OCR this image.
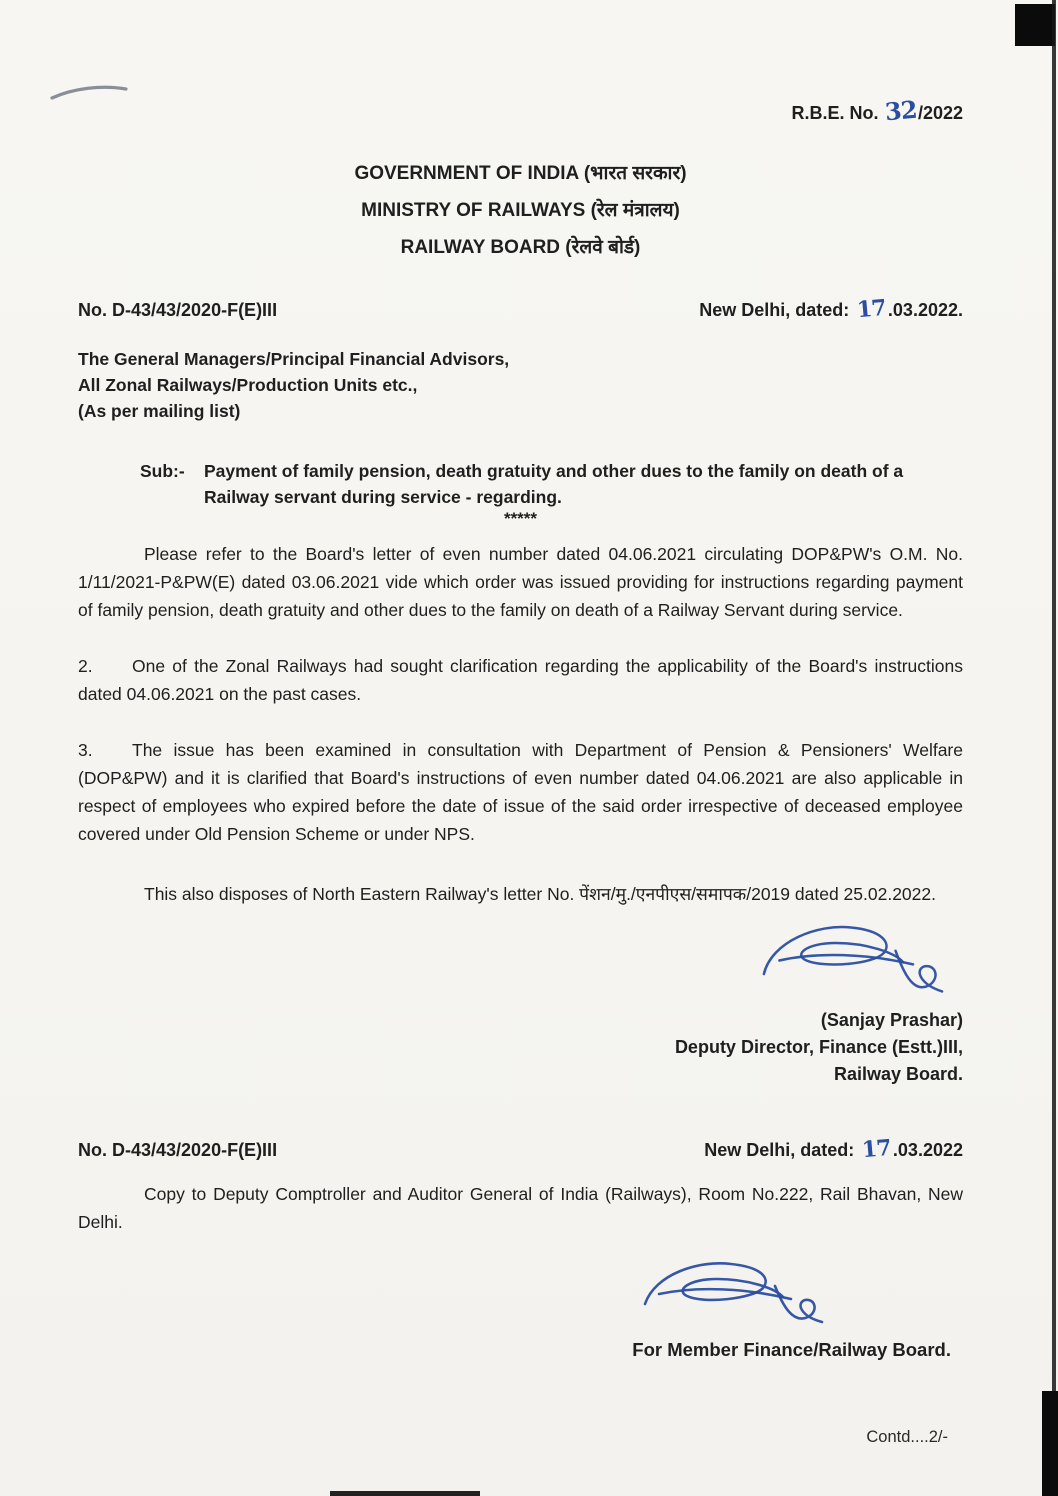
R.B.E. No. 32/2022
GOVERNMENT OF INDIA (भारत सरकार)
MINISTRY OF RAILWAYS (रेल मंत्रालय)
RAILWAY BOARD (रेलवे बोर्ड)
No. D-43/43/2020-F(E)III	New Delhi, dated: 17.03.2022.
The General Managers/Principal Financial Advisors,
All Zonal Railways/Production Units etc.,
(As per mailing list)
Sub:-	Payment of family pension, death gratuity and other dues to the family on death of a Railway servant during service - regarding.
*****

Please refer to the Board's letter of even number dated 04.06.2021 circulating DOP&PW's O.M. No. 1/11/2021-P&PW(E) dated 03.06.2021 vide which order was issued providing for instructions regarding payment of family pension, death gratuity and other dues to the family on death of a Railway Servant during service.

2. One of the Zonal Railways had sought clarification regarding the applicability of the Board's instructions dated 04.06.2021 on the past cases.

3. The issue has been examined in consultation with Department of Pension & Pensioners' Welfare (DOP&PW) and it is clarified that Board's instructions of even number dated 04.06.2021 are also applicable in respect of employees who expired before the date of issue of the said order irrespective of deceased employee covered under Old Pension Scheme or under NPS.

This also disposes of North Eastern Railway's letter No. पेंशन/मु./एनपीएस/समापक/2019 dated 25.02.2022.

(Sanjay Prashar)
Deputy Director, Finance (Estt.)III,
Railway Board.
No. D-43/43/2020-F(E)III	New Delhi, dated: 17.03.2022

Copy to Deputy Comptroller and Auditor General of India (Railways), Room No.222, Rail Bhavan, New Delhi.

For Member Finance/Railway Board.
Contd....2/-
